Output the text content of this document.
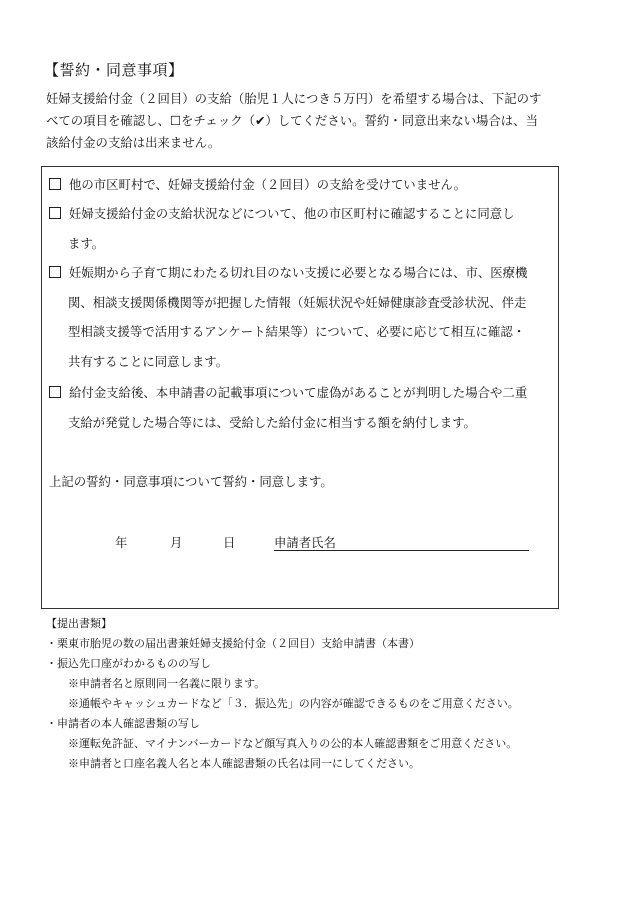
【誓約・同意事項】

妊婦支援給付金（２回目）の支給（胎児１人につき５万円）を希望する場合は、下記のす

べての項目を確認し、☐をチェック（✔）してください。誓約・同意出来ない場合は、当

該給付金の支給は出来ません。

他の市区町村で、妊婦支援給付金（２回目）の支給を受けていません。
妊婦支援給付金の支給状況などについて、他の市区町村に確認することに同意し
ます。
妊娠期から子育て期にわたる切れ目のない支援に必要となる場合には、市、医療機
関、相談支援関係機関等が把握した情報（妊娠状況や妊婦健康診査受診状況、伴走
型相談支援等で活用するアンケート結果等）について、必要に応じて相互に確認・
共有することに同意します。
給付金支給後、本申請書の記載事項について虚偽があることが判明した場合や二重
支給が発覚した場合等には、受給した給付金に相当する額を納付します。
上記の誓約・同意事項について誓約・同意します。
年	月	日	申請者氏名
【提出書類】
・栗東市胎児の数の届出書兼妊婦支援給付金（２回目）支給申請書（本書）
・振込先口座がわかるものの写し
※申請者名と原則同一名義に限ります。
※通帳やキャッシュカードなど「３．振込先」の内容が確認できるものをご用意ください。
・申請者の本人確認書類の写し
※運転免許証、マイナンバーカードなど顔写真入りの公的本人確認書類をご用意ください。
※申請者と口座名義人名と本人確認書類の氏名は同一にしてください。
